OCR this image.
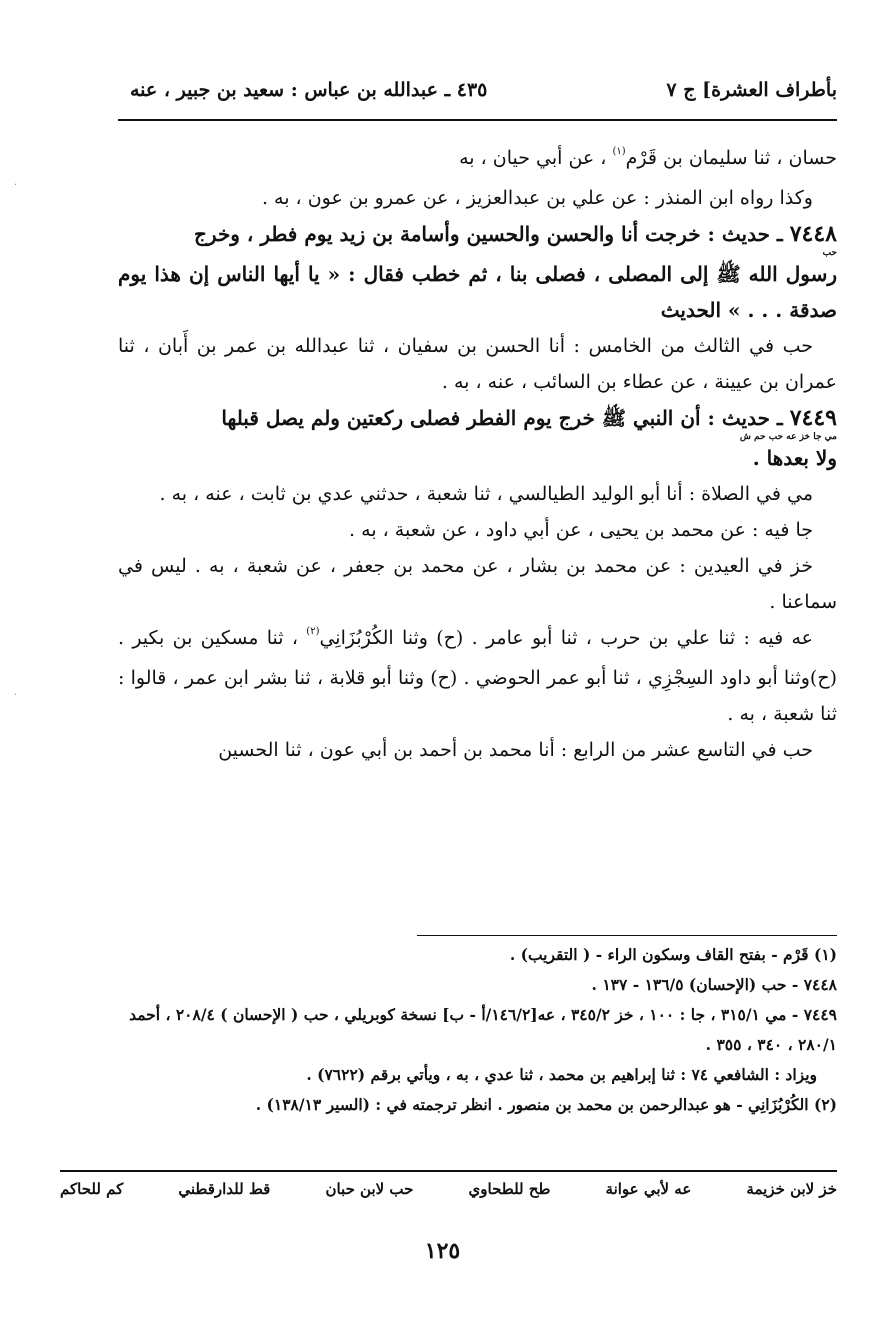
بأطراف العشرة] ج ٧
٤٣٥ ـ عبدالله بن عباس : سعيد بن جبير ، عنه

حسان ، ثنا سليمان بن قَرْم$^{(١)}$ ، عن أبي حيان ، به

وكذا رواه ابن المنذر : عن علي بن عبدالعزيز ، عن عمرو بن عون ، به .

٧٤٤٨ ـ حديث : خرجت أنا والحسن والحسين وأسامة بن زيد يوم فطر ، وخرج

حب

رسول الله ﷺ إلى المصلى ، فصلى بنا ، ثم خطب فقال : « يا أيها الناس إن هذا يوم صدقة . . . » الحديث

حب في الثالث من الخامس : أنا الحسن بن سفيان ، ثنا عبدالله بن عمر بن أَبان ، ثنا عمران بن عيينة ، عن عطاء بن السائب ، عنه ، به .

٧٤٤٩ ـ حديث : أن النبي ﷺ خرج يوم الفطر فصلى ركعتين ولم يصل قبلها

مي جا خز عه حب حم ش

ولا بعدها .

مي في الصلاة : أنا أبو الوليد الطيالسي ، ثنا شعبة ، حدثني عدي بن ثابت ، عنه ، به .

جا فيه : عن محمد بن يحيى ، عن أبي داود ، عن شعبة ، به .

خز في العيدين : عن محمد بن بشار ، عن محمد بن جعفر ، عن شعبة ، به . ليس في سماعنا .

عه فيه : ثنا علي بن حرب ، ثنا أبو عامر . (ح) وثنا الكُرْبُزَانِي$^{(٢)}$ ، ثنا مسكين بن بكير . (ح)وثنا أبو داود السِجْزِي ، ثنا أبو عمر الحوضي . (ح) وثنا أبو قلابة ، ثنا بشر ابن عمر ، قالوا : ثنا شعبة ، به .

حب في التاسع عشر من الرابع : أنا محمد بن أحمد بن أبي عون ، ثنا الحسين

(١) قَرْم - بفتح القاف وسكون الراء - ( التقريب) .

٧٤٤٨ - حب (الإحسان) ١٣٦/٥ - ١٣٧ .

٧٤٤٩ - مي ٣١٥/١ ، جا : ١٠٠ ، خز ٣٤٥/٢ ، عه[١٤٦/٢/أ - ب] نسخة كوبريلي ، حب ( الإحسان ) ٢٠٨/٤ ، أحمد ٢٨٠/١ ، ٣٤٠ ، ٣٥٥ .

ويزاد : الشافعي ٧٤ : ثنا إبراهيم بن محمد ، ثنا عدي ، به ، ويأتي برقم (٧٦٢٢) .

(٢) الكُرْبُزَانِي - هو عبدالرحمن بن محمد بن منصور . انظر ترجمته في : (السير ١٣٨/١٣) .

خز لابن خزيمة
عه لأبي عوانة
طح للطحاوي
حب لابن حبان
قط للدارقطني
كم للحاكم
١٢٥
·
·
